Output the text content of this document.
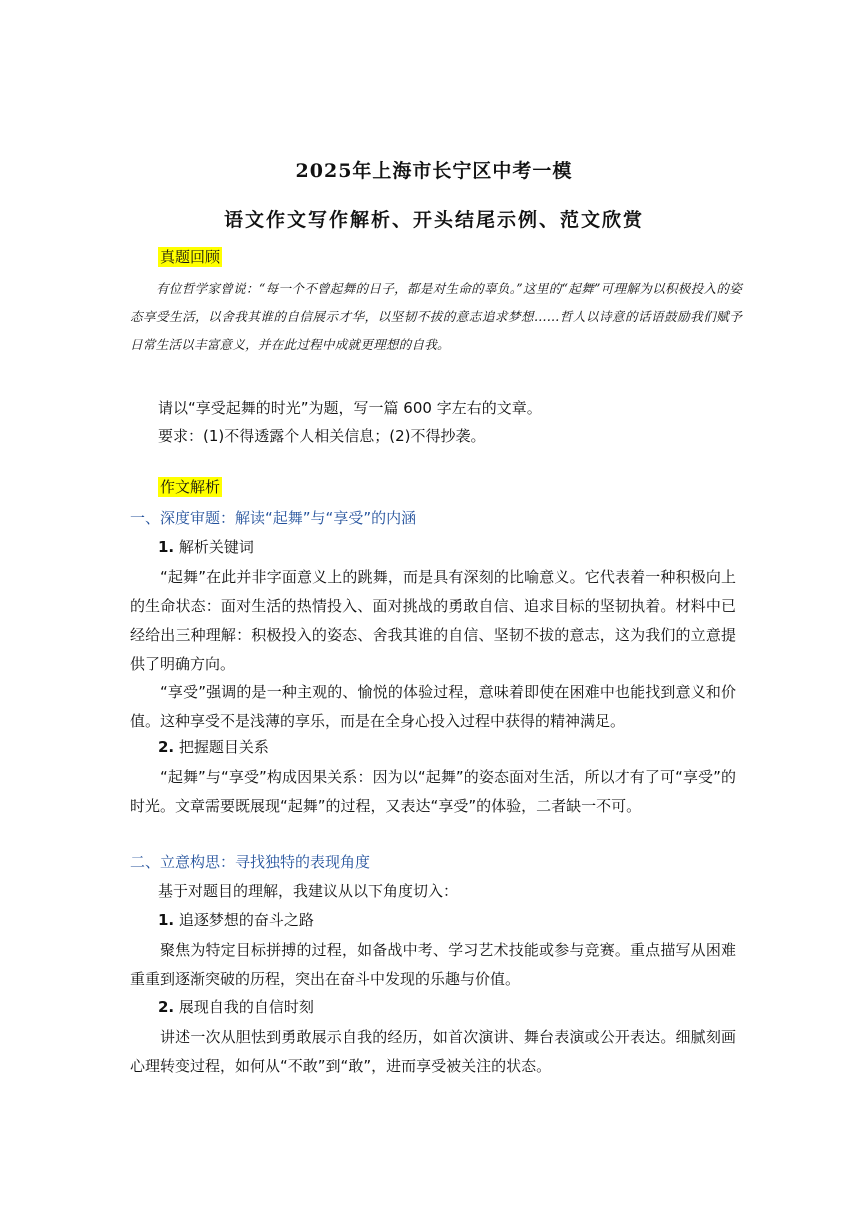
2025年上海市长宁区中考一模
语文作文写作解析、开头结尾示例、范文欣赏
真题回顾
有位哲学家曾说：“每一个不曾起舞的日子，都是对生命的辜负。”这里的“起舞”可理解为以积极投入的姿态享受生活，以舍我其谁的自信展示才华，以坚韧不拔的意志追求梦想……哲人以诗意的话语鼓励我们赋予日常生活以丰富意义，并在此过程中成就更理想的自我。
请以“享受起舞的时光”为题，写一篇 600 字左右的文章。
要求：(1)不得透露个人相关信息；(2)不得抄袭。
作文解析
一、深度审题：解读“起舞”与“享受”的内涵
1. 解析关键词
“起舞”在此并非字面意义上的跳舞，而是具有深刻的比喻意义。它代表着一种积极向上的生命状态：面对生活的热情投入、面对挑战的勇敢自信、追求目标的坚韧执着。材料中已经给出三种理解：积极投入的姿态、舍我其谁的自信、坚韧不拔的意志，这为我们的立意提供了明确方向。
“享受”强调的是一种主观的、愉悦的体验过程，意味着即使在困难中也能找到意义和价值。这种享受不是浅薄的享乐，而是在全身心投入过程中获得的精神满足。
2. 把握题目关系
“起舞”与“享受”构成因果关系：因为以“起舞”的姿态面对生活，所以才有了可“享受”的时光。文章需要既展现“起舞”的过程，又表达“享受”的体验，二者缺一不可。
二、立意构思：寻找独特的表现角度
基于对题目的理解，我建议从以下角度切入：
1. 追逐梦想的奋斗之路
聚焦为特定目标拼搏的过程，如备战中考、学习艺术技能或参与竞赛。重点描写从困难重重到逐渐突破的历程，突出在奋斗中发现的乐趣与价值。
2. 展现自我的自信时刻
讲述一次从胆怯到勇敢展示自我的经历，如首次演讲、舞台表演或公开表达。细腻刻画心理转变过程，如何从“不敢”到“敢”，进而享受被关注的状态。
